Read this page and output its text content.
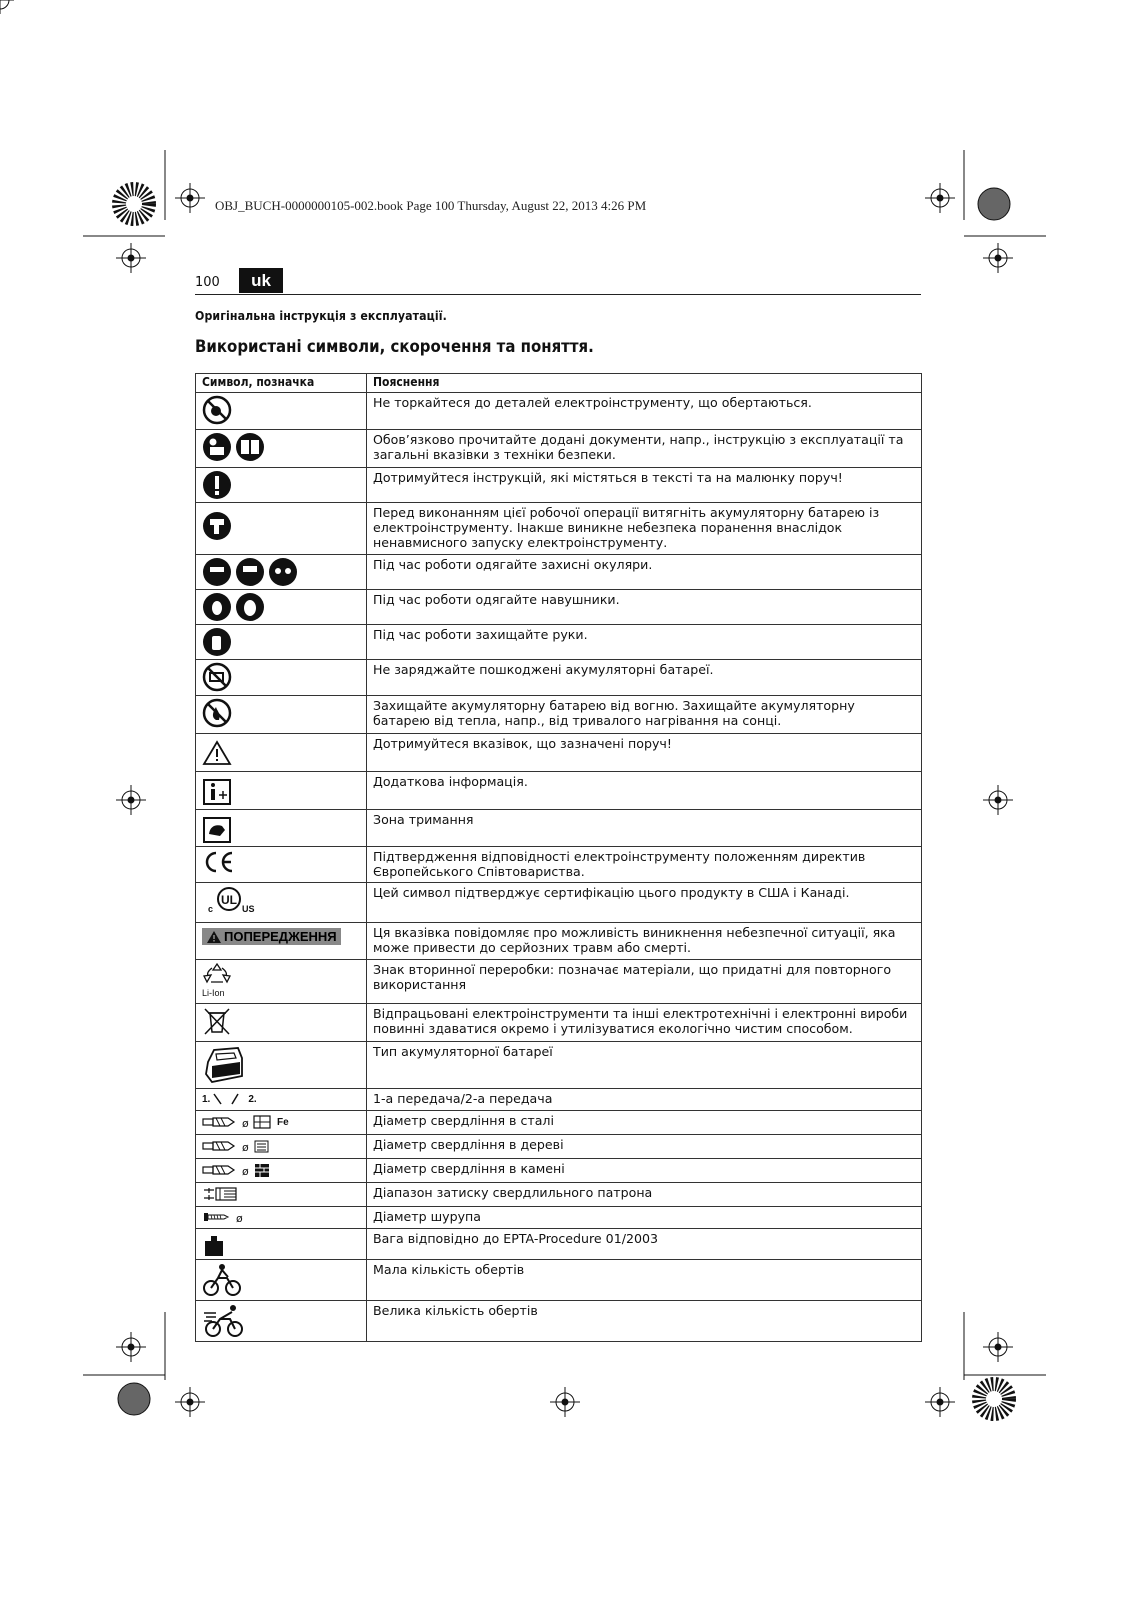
OBJ_BUCH-0000000105-002.book Page 100 Thursday, August 22, 2013 4:26 PM
100	uk
Оригінальна інструкція з експлуатації.
Використані символи, скорочення та поняття.
Символ, позначка	Пояснення

	Не торкайтеся до деталей електроінструменту, що обертаються.

	Обов’язково прочитайте додані документи, напр., інструкцію з експлуатації та загальні вказівки з техніки безпеки.

	Дотримуйтеся інструкцій, які містяться в тексті та на малюнку поруч!

	Перед виконанням цієї робочої операції витягніть акумуляторну батарею із електроінструменту. Інакше виникне небезпека поранення внаслідок ненавмисного запуску електроінструменту.

	Під час роботи одягайте захисні окуляри.

	Під час роботи одягайте навушники.

	Під час роботи захищайте руки.

	Не заряджайте пошкоджені акумуляторні батареї.

	Захищайте акумуляторну батарею від вогню. Захищайте акумуляторну батарею від тепла, напр., від тривалого нагрівання на сонці.

	Дотримуйтеся вказівок, що зазначені поруч!

	Додаткова інформація.

	Зона тримання

	Підтвердження відповідності електроінструменту положенням директив Європейського Співтовариства.

UL
c US	Цей символ підтверджує сертифікацію цього продукту в США і Канаді.

ПОПЕРЕДЖЕННЯ	Ця вказівка повідомляє про можливість виникнення небезпечної ситуації, яка може привести до серйозних травм або смерті.

Li-Ion	Знак вторинної переробки: позначає матеріали, що придатні для повторного використання

	Відпрацьовані електроінструменти та інші електротехнічні і електронні вироби повинні здаватися окремо і утилізуватися екологічно чистим способом.

	Тип акумуляторної батареї

1. 2.	1-а передача/2-а передача

ø Fe	Діаметр свердління в сталі

ø	Діаметр свердління в дереві

ø	Діаметр свердління в камені

	Діапазон затиску свердлильного патрона

ø	Діаметр шурупа

	Вага відповідно до EPTA-Procedure 01/2003

	Мала кількість обертів

	Велика кількість обертів
